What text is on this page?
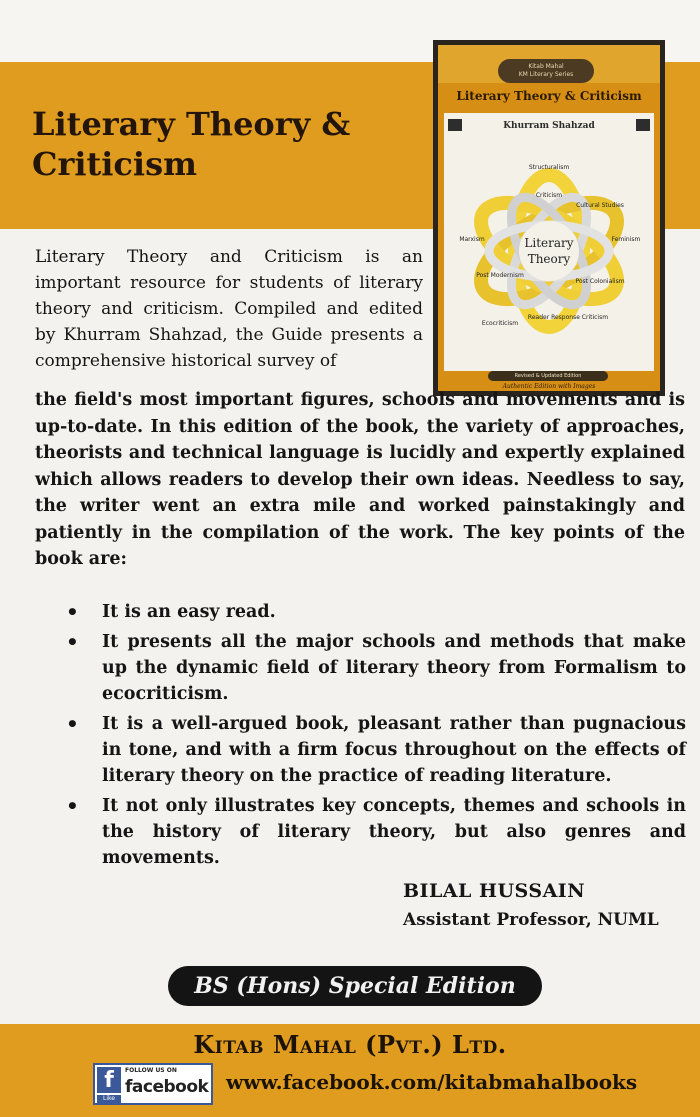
Literary Theory & Criticism
Kitab Mahal
KM Literary Series
Literary Theory & Criticism
Khurram Shahzad
Literary
Theory
Structuralism
Criticism
Cultural Studies
Feminism
Marxism
Post Modernism
Post Colonialism
Reader Response Criticism
Ecocriticism
Revised & Updated Edition
Authentic Edition with Images

Literary Theory and Criticism is an important resource for students of literary theory and criticism. Compiled and edited by Khurram Shahzad, the Guide presents a comprehensive historical survey of

the field's most important figures, schools and movements and is up-to-date. In this edition of the book, the variety of approaches, theorists and technical language is lucidly and expertly explained which allows readers to develop their own ideas. Needless to say, the writer went an extra mile and worked painstakingly and patiently in the compilation of the work. The key points of the book are:

• It is an easy read.
• It presents all the major schools and methods that make up the dynamic field of literary theory from Formalism to ecocriticism.
• It is a well-argued book, pleasant rather than pugnacious in tone, and with a firm focus throughout on the effects of literary theory on the practice of reading literature.
• It not only illustrates key concepts, themes and schools in the history of literary theory, but also genres and movements.
BILAL HUSSAIN
Assistant Professor, NUML
BS (Hons) Special Edition
Kitab Mahal (Pvt.) Ltd.
f
Like
FOLLOW US ON
facebook www.facebook.com/kitabmahalbooks
